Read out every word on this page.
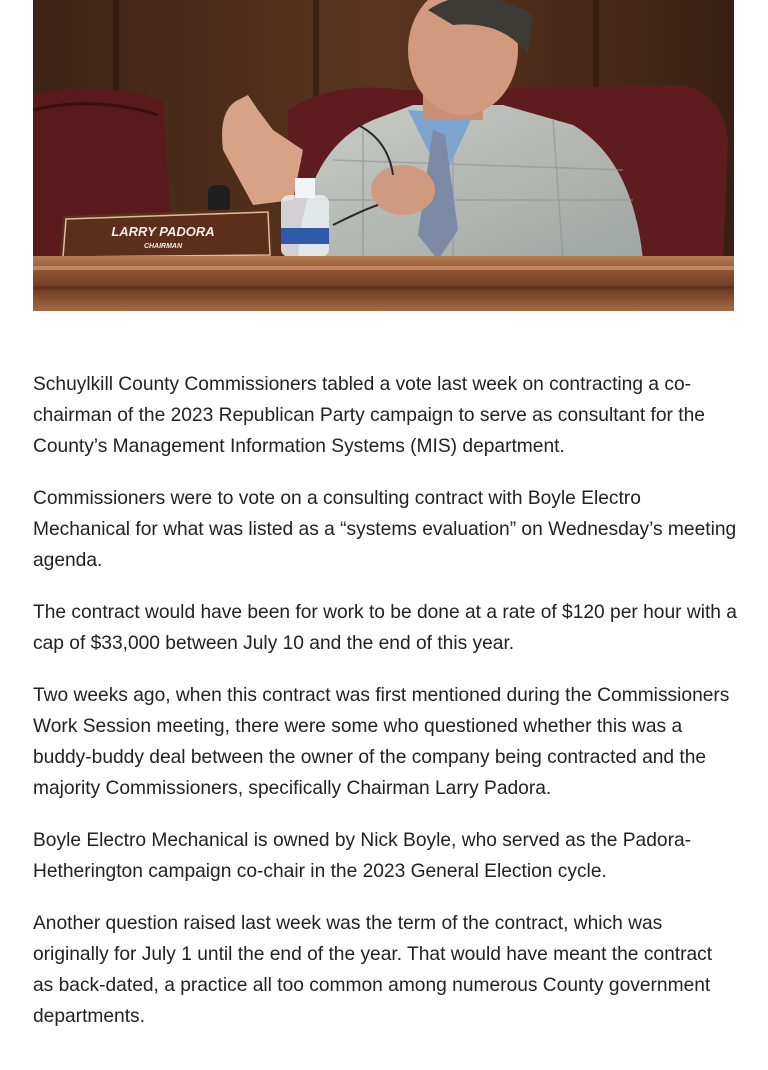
LARRY PADORA
CHAIRMAN

Schuylkill County Commissioners tabled a vote last week on contracting a co-chairman of the 2023 Republican Party campaign to serve as consultant for the County’s Management Information Systems (MIS) department.

Commissioners were to vote on a consulting contract with Boyle Electro Mechanical for what was listed as a “systems evaluation” on Wednesday’s meeting agenda.

The contract would have been for work to be done at a rate of $120 per hour with a cap of $33,000 between July 10 and the end of this year.

Two weeks ago, when this contract was first mentioned during the Commissioners Work Session meeting, there were some who questioned whether this was a buddy-buddy deal between the owner of the company being contracted and the majority Commissioners, specifically Chairman Larry Padora.

Boyle Electro Mechanical is owned by Nick Boyle, who served as the Padora-Hetherington campaign co-chair in the 2023 General Election cycle.

Another question raised last week was the term of the contract, which was originally for July 1 until the end of the year. That would have meant the contract as back-dated, a practice all too common among numerous County government departments.
